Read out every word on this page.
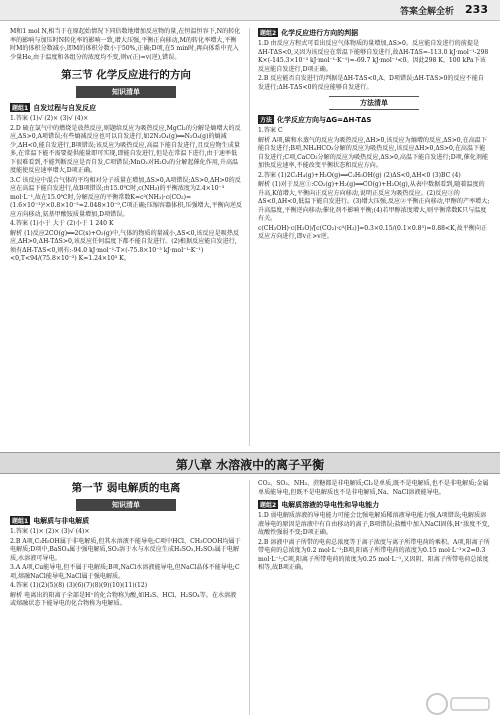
答案全解全析 233

M和1 mol N,相当于在原起始情况下同倍数地增加反应物的量,在恒温恒容下,N的转化率的影响与加压时N转化率的影响一致,增大压强,平衡正向移动,M的转化率增大,平衡时M的体积分数减小,即M的体积分数小于50%,正确;D项,在5 min时,再向体系中充入少量He,由于温度和各组分的浓度均不变,则v(正)=v(逆),错误。

第三节 化学反应进行的方向
知识清单
题组1 自发过程与自发反应

1.答案 (1)√ (2)× (3)√ (4)×

2.D 硫在氯气中的燃烧是放热反应,则题给反应为吸热反应,MgCl₂的分解是熵增大的反应,ΔS>0,A项错误;有些熵减反应也可以自发进行,如2N₂O₄(g)══N₂O₄(g)的熵减少,ΔH<0,能自发进行,B项错误;该反应为吸热反应,高温下能自发进行,且反应物生成量多,在常温下能不需要提供能量即可实现,即能自发进行,但是在常温下进行,由于速率低下很难看到,不能判断反应是否自发,C项错误;MnO₂对H₂O₂的分解起催化作用,升高温度能使反应速率增大,D项正确。

3.C 该反应中混合气体的平均相对分子质量在增加,ΔS>0,A项错误;ΔS>0,ΔH>0的反应在高温下能自发进行,故B项错误;由15.0℃时,c(NH₃)的平衡浓度为2.4×10⁻³ mol·L⁻¹,故在15.0℃时,分解反应的平衡常数K=c²(NH₃)·c(CO₂)=(1.6×10⁻³)²×0.8×10⁻³=2.048×10⁻⁹,C项正确;压缩容器体积,压强增大,平衡向逆反应方向移动,氨基甲酸铵质量增加,D项错误。

4.答案 (1)小于 大于 (2)小于 1 240 K

解析 (1)反应2CO(g)══2C(s)+O₂(g)中,气体的物质的量减小,ΔS<0,该反应是吸热反应,ΔH>0,ΔH-TΔS>0,该反应任何温度下都不能自发进行。(2)根据反应能自发进行,须有ΔH-TΔS<0,则有:-94.0 kJ·mol⁻¹-T×(-75.8×10⁻³ kJ·mol⁻¹·K⁻¹)<0,T<94/(75.8×10⁻³) K≈1.24×10³ K。

题组2 化学反应进行方向的判据

1.D 由反应方程式可看出反应气体物质的量增加,ΔS>0。反应能自发进行的前提是ΔH-TΔS<0,又因为该反应在常温下能够自发进行,故ΔH-TΔS=-113.0 kJ·mol⁻¹-298 K×(-145.3×10⁻³ kJ·mol⁻¹·K⁻¹)≈-69.7 kJ·mol⁻¹<0。因此298 K、100 kPa下该反应能自发进行,D项正确。

2.B 反应能否自发进行的判据是ΔH-TΔS<0,A、D项错误;ΔH-TΔS>0的反应不能自发进行;ΔH-TΔS<0的反应能够自发进行。

方法清单
方法 化学反应方向与ΔG=ΔH-TΔS

1.答案 C

解析 A项,碳和水蒸气的反应为吸热反应,ΔH>0,该反应为熵增的反应,ΔS>0,在高温下能自发进行;B项,NH₄HCO₃分解的反应为吸热反应,该反应ΔH>0,ΔS>0,在高温下能自发进行;C项,CaCO₃分解的反应为吸热反应,ΔS>0,高温下能自发进行;D项,催化剂能加快反应速率,不能改变平衡状态和反应方向。

2.答案 (1)2C₂H₄(g)+H₂O(g)══C₂H₅OH(g) (2)ΔS<0,ΔH<0 (3)BC (4)

解析 (1)对于反应①:CO₂(g)+H₂(g)══CO(g)+H₂O(g),从表中数据看到,随着温度的升高,K值增大,平衡向正反应方向移动,说明正反应为吸热反应。(2)反应③的ΔS<0,ΔH<0,低温下能自发进行。(3)增大压强,反应②平衡正向移动,甲醇的产率增大;升高温度,平衡逆向移动;催化剂不影响平衡;(4)若甲醇浓度增大,则平衡常数K只与温度有关。

c(CH₃OH)·c(H₂O)/[c(CO₂)·c³(H₂)]=0.3×0.15/(0.1×0.8³)≈0.88<K,故平衡向正反应方向进行,即v正>v逆。

第八章 水溶液中的离子平衡
第一节 弱电解质的电离
知识清单
题组1 电解质与非电解质

1.答案 (1)× (2)× (3)√ (4)×

2.B A项,C₂H₅OH属于非电解质,但其水溶液不能导电;C项中HCl、CH₃COOH均属于电解质;D项中,BaSO₄属于强电解质,SO₂溶于水与水反应生成H₂SO₃,H₂SO₃属于电解质,水溶液可导电。

3.A A项,Cu能导电,但不属于电解质;B项,NaCl水溶液能导电,但NaCl晶体不能导电;C项,熔融NaCl能导电,NaCl属于强电解质。

4.答案 (1)(2)(5)(8) (3)(6)(7)(8)(9)(10)(11)(12)

解析 电离出的阳离子全部是H⁺的化合物称为酸,如H₂S、HCl、H₂SO₄等。在水溶液或熔融状态下能导电的化合物称为电解质。

CO₂、SO₂、NH₃、蔗糖都是非电解质;Cl₂是单质,既不是电解质,也不是非电解质;金属单质能导电,但既不是电解质也不是非电解质,Na、NaCl溶液能导电。

题组2 电解质溶液的导电性和导电能力

1.D 弱电解质溶液的导电能力可能会比强电解质稀溶液导电能力强,A项错误;电解质溶液导电的原因是溶液中有自由移动的离子,B项错误;盐酸中加入NaCl固体,H⁺浓度不变,故酸性强弱不变;D项正确。

2.B 溶液中离子所带的电荷总浓度等于离子浓度与离子所带电荷的乘积。A项,阳离子所带电荷的总浓度为0.2 mol·L⁻¹;B项,阳离子所带电荷的浓度为0.15 mol·L⁻¹×2=0.3 mol·L⁻¹;C项,阳离子所带电荷的浓度为0.25 mol·L⁻¹,又因阴、阳离子所带电荷总浓度相等,故B项正确。
